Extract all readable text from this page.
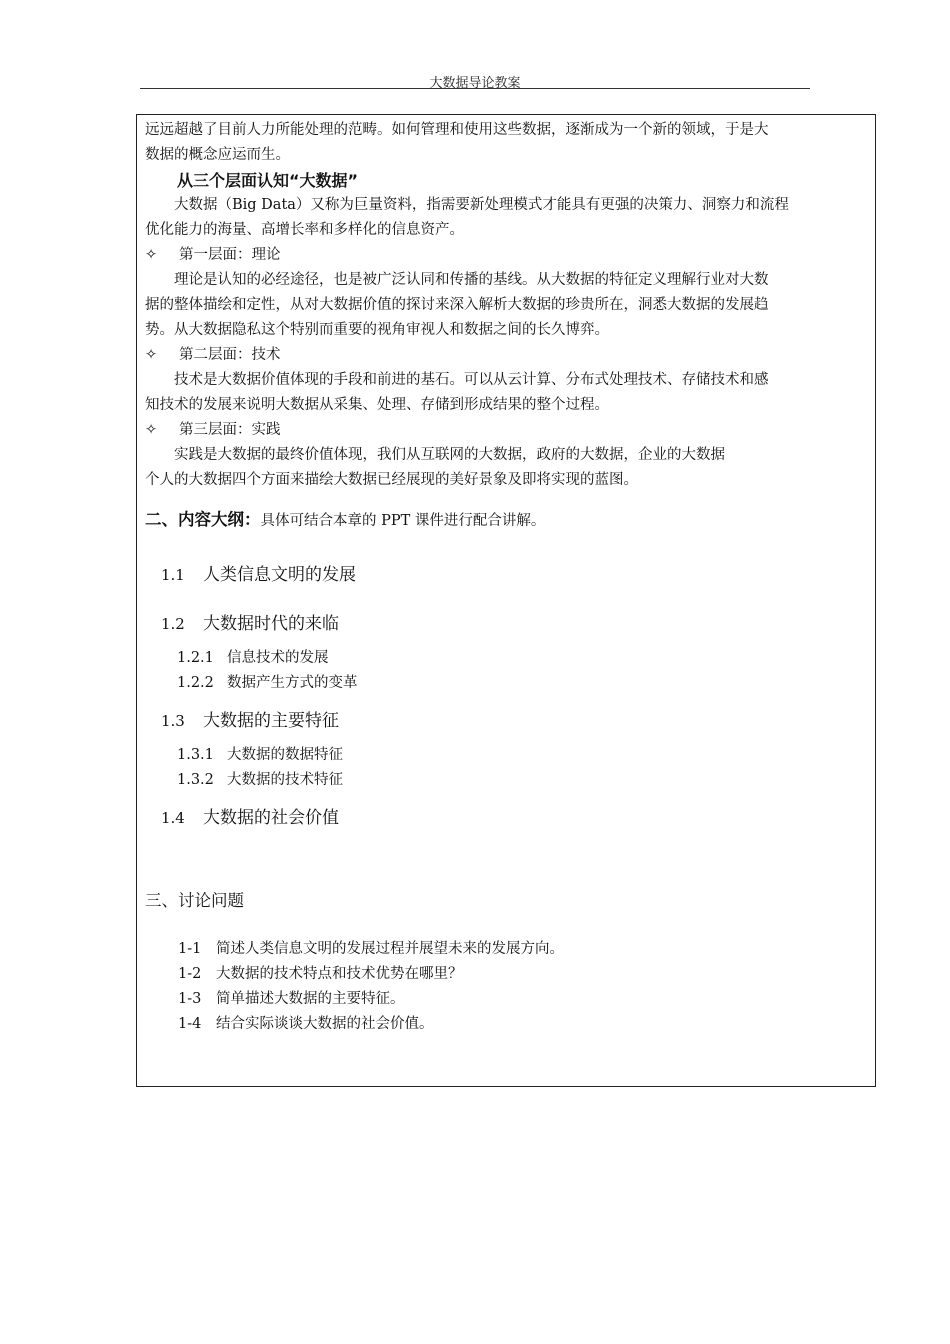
大数据导论教案

远远超越了目前人力所能处理的范畴。如何管理和使用这些数据，逐渐成为一个新的领域，于是大

数据的概念应运而生。

从三个层面认知“大数据”

大数据（Big Data）又称为巨量资料，指需要新处理模式才能具有更强的决策力、洞察力和流程

优化能力的海量、高增长率和多样化的信息资产。

✧ 第一层面：理论

理论是认知的必经途径，也是被广泛认同和传播的基线。从大数据的特征定义理解行业对大数

据的整体描绘和定性，从对大数据价值的探讨来深入解析大数据的珍贵所在，洞悉大数据的发展趋

势。从大数据隐私这个特别而重要的视角审视人和数据之间的长久博弈。

✧ 第二层面：技术

技术是大数据价值体现的手段和前进的基石。可以从云计算、分布式处理技术、存储技术和感

知技术的发展来说明大数据从采集、处理、存储到形成结果的整个过程。

✧ 第三层面：实践

实践是大数据的最终价值体现，我们从互联网的大数据，政府的大数据，企业的大数据

个人的大数据四个方面来描绘大数据已经展现的美好景象及即将实现的蓝图。

二、内容大纲：具体可结合本章的 PPT 课件进行配合讲解。
1.1 人类信息文明的发展
1.2 大数据时代的来临
1.2.1 信息技术的发展
1.2.2 数据产生方式的变革
1.3 大数据的主要特征
1.3.1 大数据的数据特征
1.3.2 大数据的技术特征
1.4 大数据的社会价值
三、讨论问题
1-1 简述人类信息文明的发展过程并展望未来的发展方向。
1-2 大数据的技术特点和技术优势在哪里？
1-3 简单描述大数据的主要特征。
1-4 结合实际谈谈大数据的社会价值。
